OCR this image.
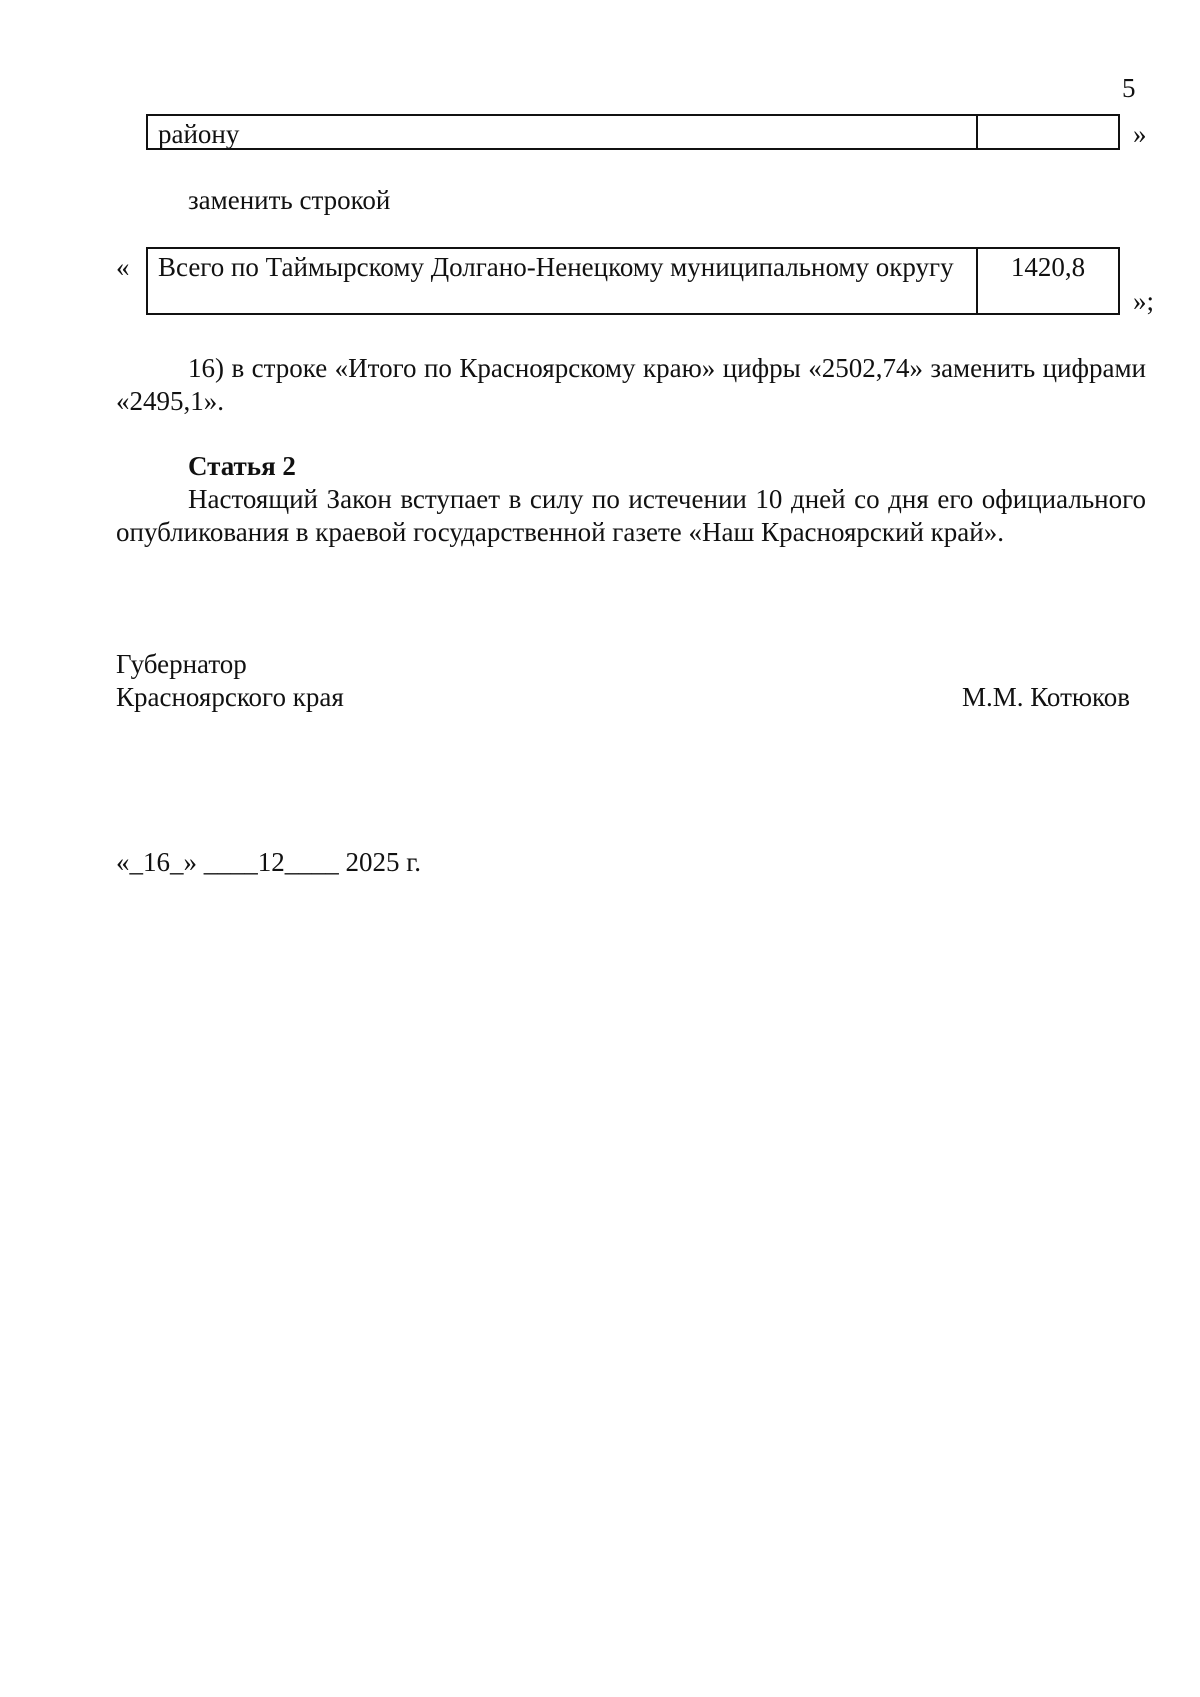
5
району	»
заменить строкой
«	Всего по Таймырскому Долгано-Ненецкому муниципальному округу	1420,8
»;
16) в строке «Итого по Красноярскому краю» цифры «2502,74» заменить цифрами «2495,1».
Статья 2
Настоящий Закон вступает в силу по истечении 10 дней со дня его официального опубликования в краевой государственной газете «Наш Красноярский край».
Губернатор
Красноярского края	М.М. Котюков
«_16_» ____12____ 2025 г.
